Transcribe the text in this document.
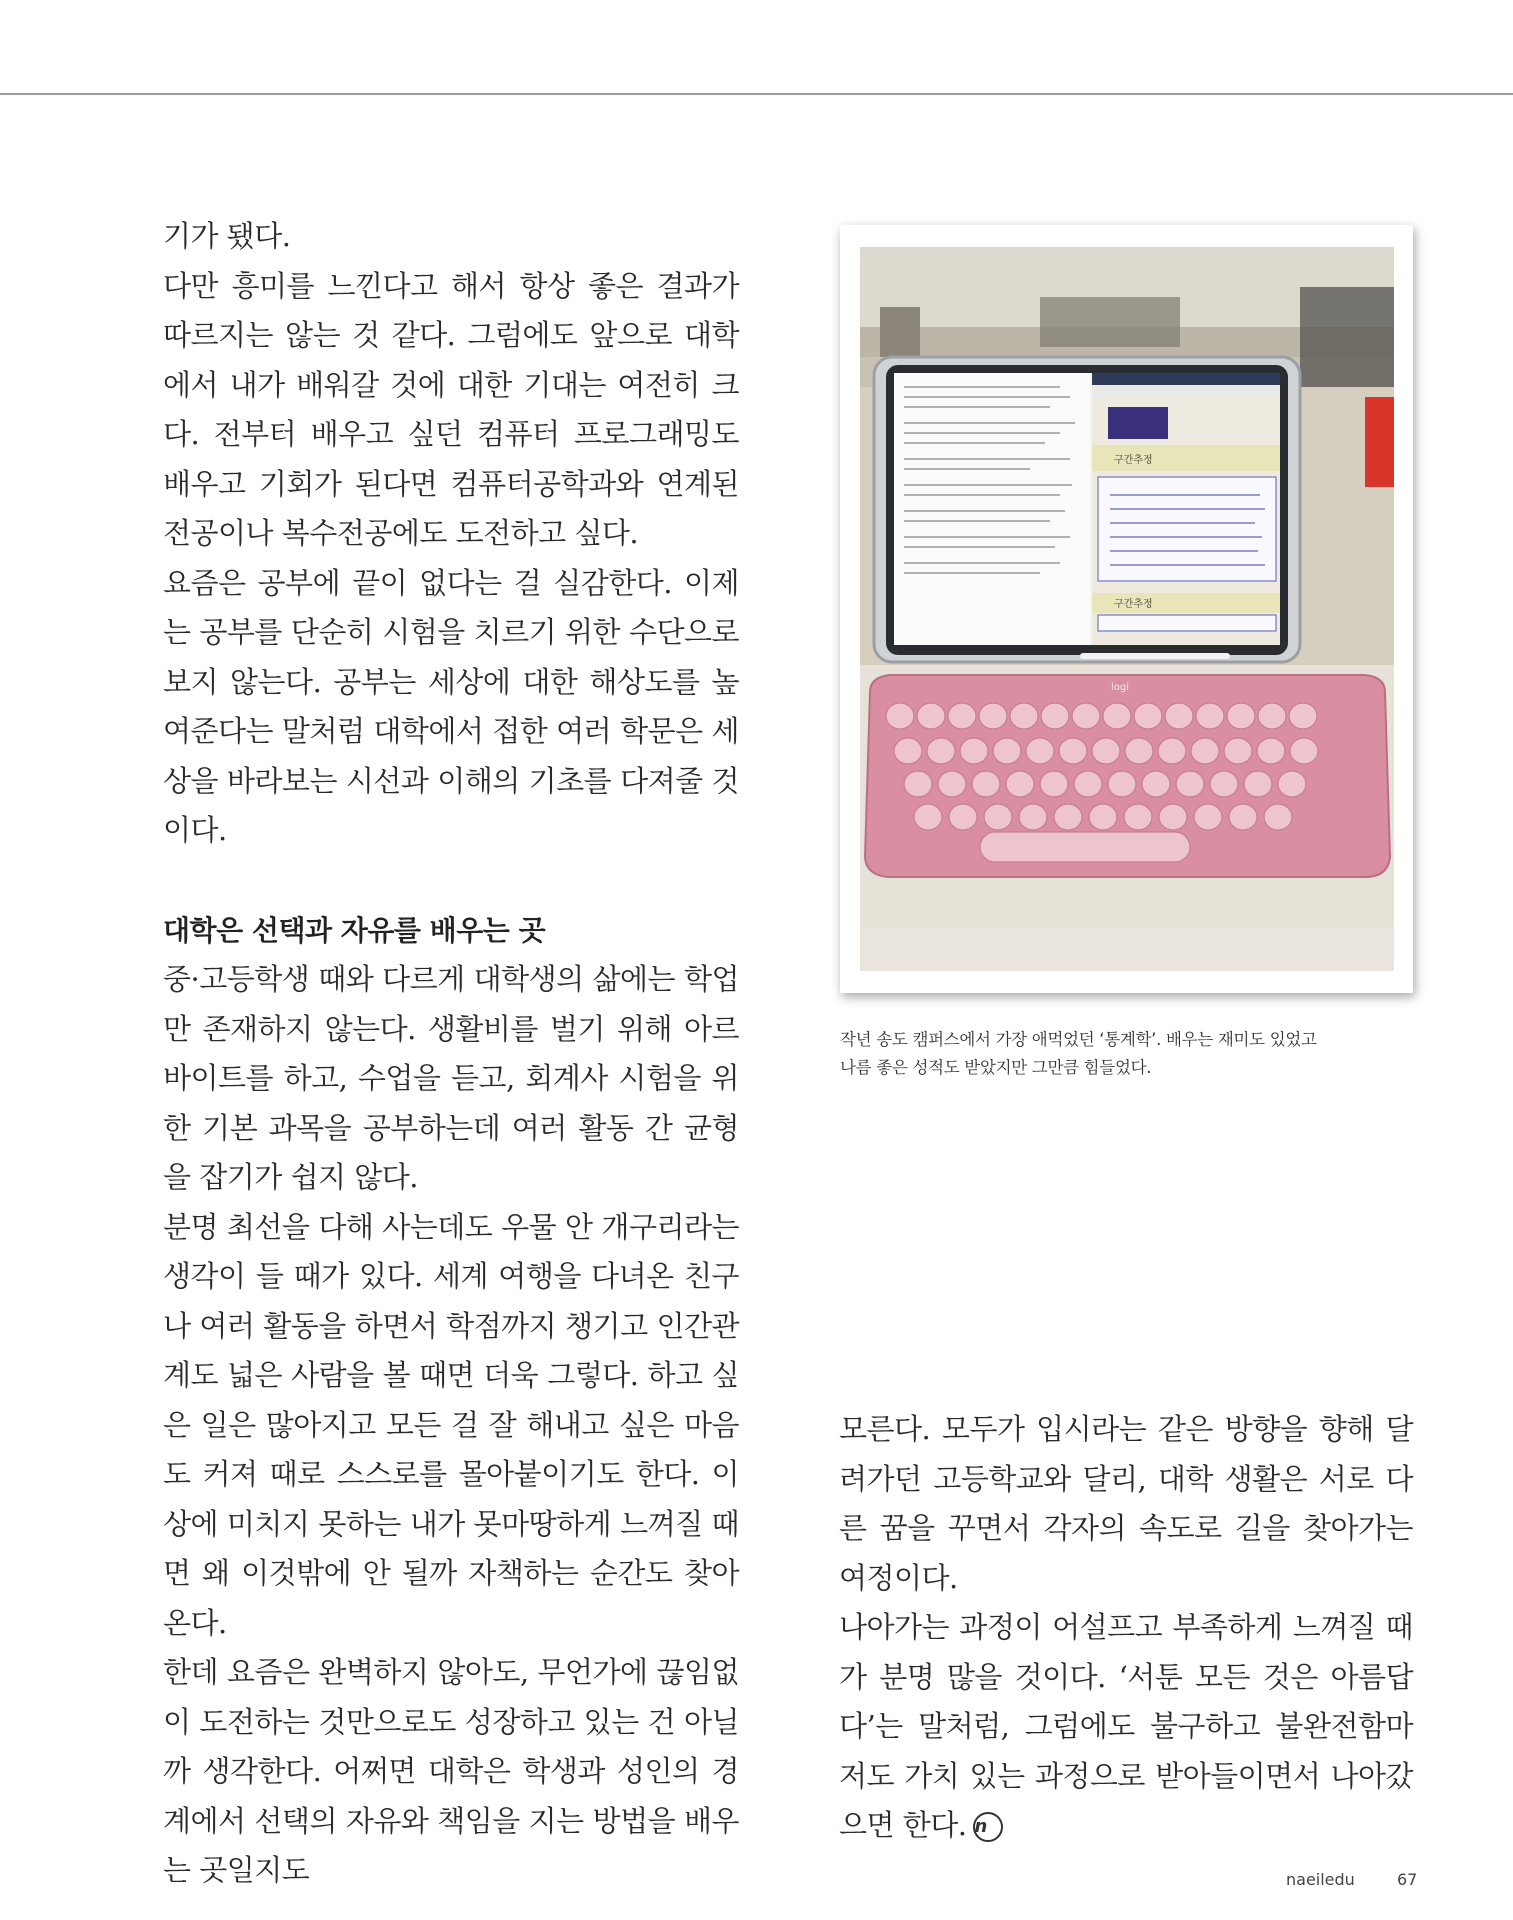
기가 됐다.

다만 흥미를 느낀다고 해서 항상 좋은 결과가 따르지는 않는 것 같다. 그럼에도 앞으로 대학에서 내가 배워갈 것에 대한 기대는 여전히 크다. 전부터 배우고 싶던 컴퓨터 프로그래밍도 배우고 기회가 된다면 컴퓨터공학과와 연계된 전공이나 복수전공에도 도전하고 싶다.

요즘은 공부에 끝이 없다는 걸 실감한다. 이제는 공부를 단순히 시험을 치르기 위한 수단으로 보지 않는다. 공부는 세상에 대한 해상도를 높여준다는 말처럼 대학에서 접한 여러 학문은 세상을 바라보는 시선과 이해의 기초를 다져줄 것이다.

대학은 선택과 자유를 배우는 곳

중·고등학생 때와 다르게 대학생의 삶에는 학업만 존재하지 않는다. 생활비를 벌기 위해 아르바이트를 하고, 수업을 듣고, 회계사 시험을 위한 기본 과목을 공부하는데 여러 활동 간 균형을 잡기가 쉽지 않다.

분명 최선을 다해 사는데도 우물 안 개구리라는 생각이 들 때가 있다. 세계 여행을 다녀온 친구나 여러 활동을 하면서 학점까지 챙기고 인간관계도 넓은 사람을 볼 때면 더욱 그렇다. 하고 싶은 일은 많아지고 모든 걸 잘 해내고 싶은 마음도 커져 때로 스스로를 몰아붙이기도 한다. 이상에 미치지 못하는 내가 못마땅하게 느껴질 때면 왜 이것밖에 안 될까 자책하는 순간도 찾아온다.

한데 요즘은 완벽하지 않아도, 무언가에 끊임없이 도전하는 것만으로도 성장하고 있는 건 아닐까 생각한다. 어쩌면 대학은 학생과 성인의 경계에서 선택의 자유와 책임을 지는 방법을 배우는 곳일지도

구간추정
구간추정
logi

작년 송도 캠퍼스에서 가장 애먹었던 ‘통계학’. 배우는 재미도 있었고

나름 좋은 성적도 받았지만 그만큼 힘들었다.

모른다. 모두가 입시라는 같은 방향을 향해 달려가던 고등학교와 달리, 대학 생활은 서로 다른 꿈을 꾸면서 각자의 속도로 길을 찾아가는 여정이다.

나아가는 과정이 어설프고 부족하게 느껴질 때가 분명 많을 것이다. ‘서툰 모든 것은 아름답다’는 말처럼, 그럼에도 불구하고 불완전함마저도 가치 있는 과정으로 받아들이면서 나아갔으면 한다. n

naeiledu	67
